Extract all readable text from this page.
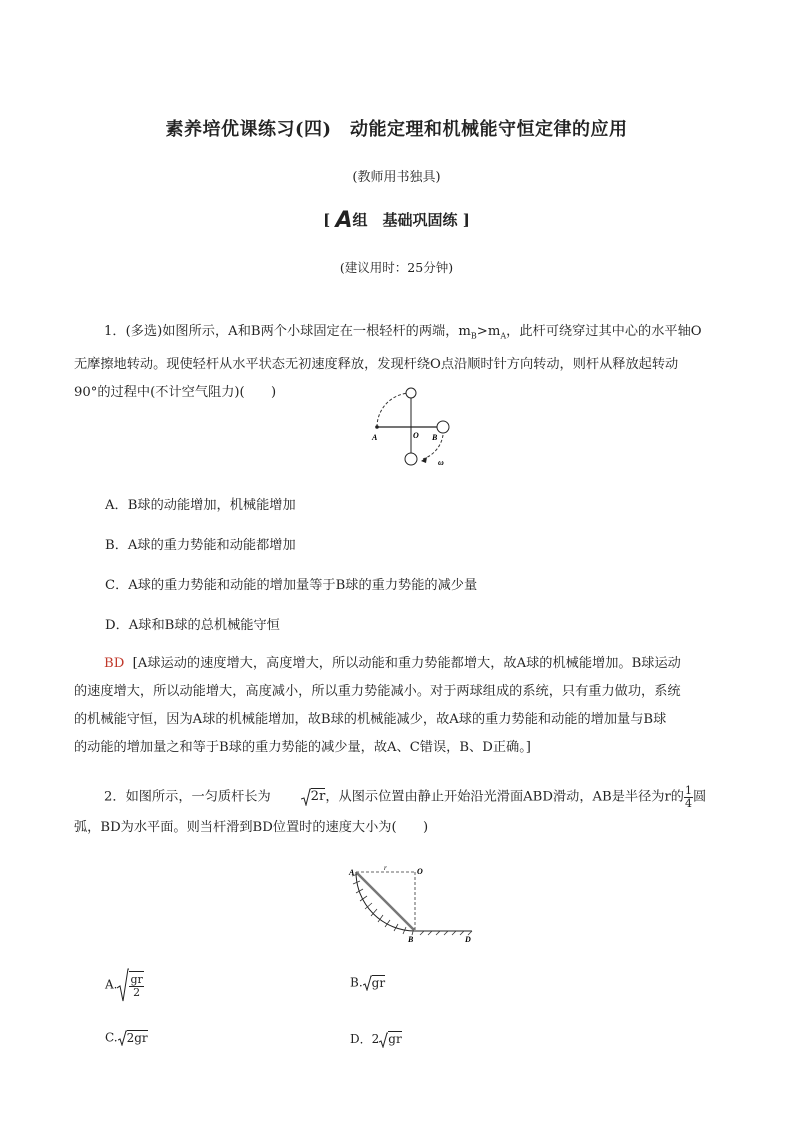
素养培优课练习(四)　动能定理和机械能守恒定律的应用
(教师用书独具)
[ A组　基础巩固练 ]
(建议用时：25分钟)
1．(多选)如图所示，A和B两个小球固定在一根轻杆的两端，$m_B>m_A$，此杆可绕穿过其中心的水平轴O
无摩擦地转动。现使轻杆从水平状态无初速度释放，发现杆绕O点沿顺时针方向转动，则杆从释放起转动
90°的过程中(不计空气阻力)(　　)
A	O B
ω
A．B球的动能增加，机械能增加
B．A球的重力势能和动能都增加
C．A球的重力势能和动能的增加量等于B球的重力势能的减少量
D．A球和B球的总机械能守恒
BD [A球运动的速度增大，高度增大，所以动能和重力势能都增大，故A球的机械能增加。B球运动
的速度增大，所以动能增大，高度减小，所以重力势能减小。对于两球组成的系统，只有重力做功，系统
的机械能守恒，因为A球的机械能增加，故B球的机械能减少，故A球的重力势能和动能的增加量与B球
的动能的增加量之和等于B球的重力势能的减少量，故A、C错误，B、D正确。]
2．如图所示，一匀质杆长为	2r，从图示位置由静止开始沿光滑面ABD滑动，AB是半径为r的 $\frac{1}{4}$ 圆
弧，BD为水平面。则当杆滑到BD位置时的速度大小为(　　)
A	r	O
B	D
A. $\frac{gr}{2}$	B. gr
C. 2gr	D．2 gr
